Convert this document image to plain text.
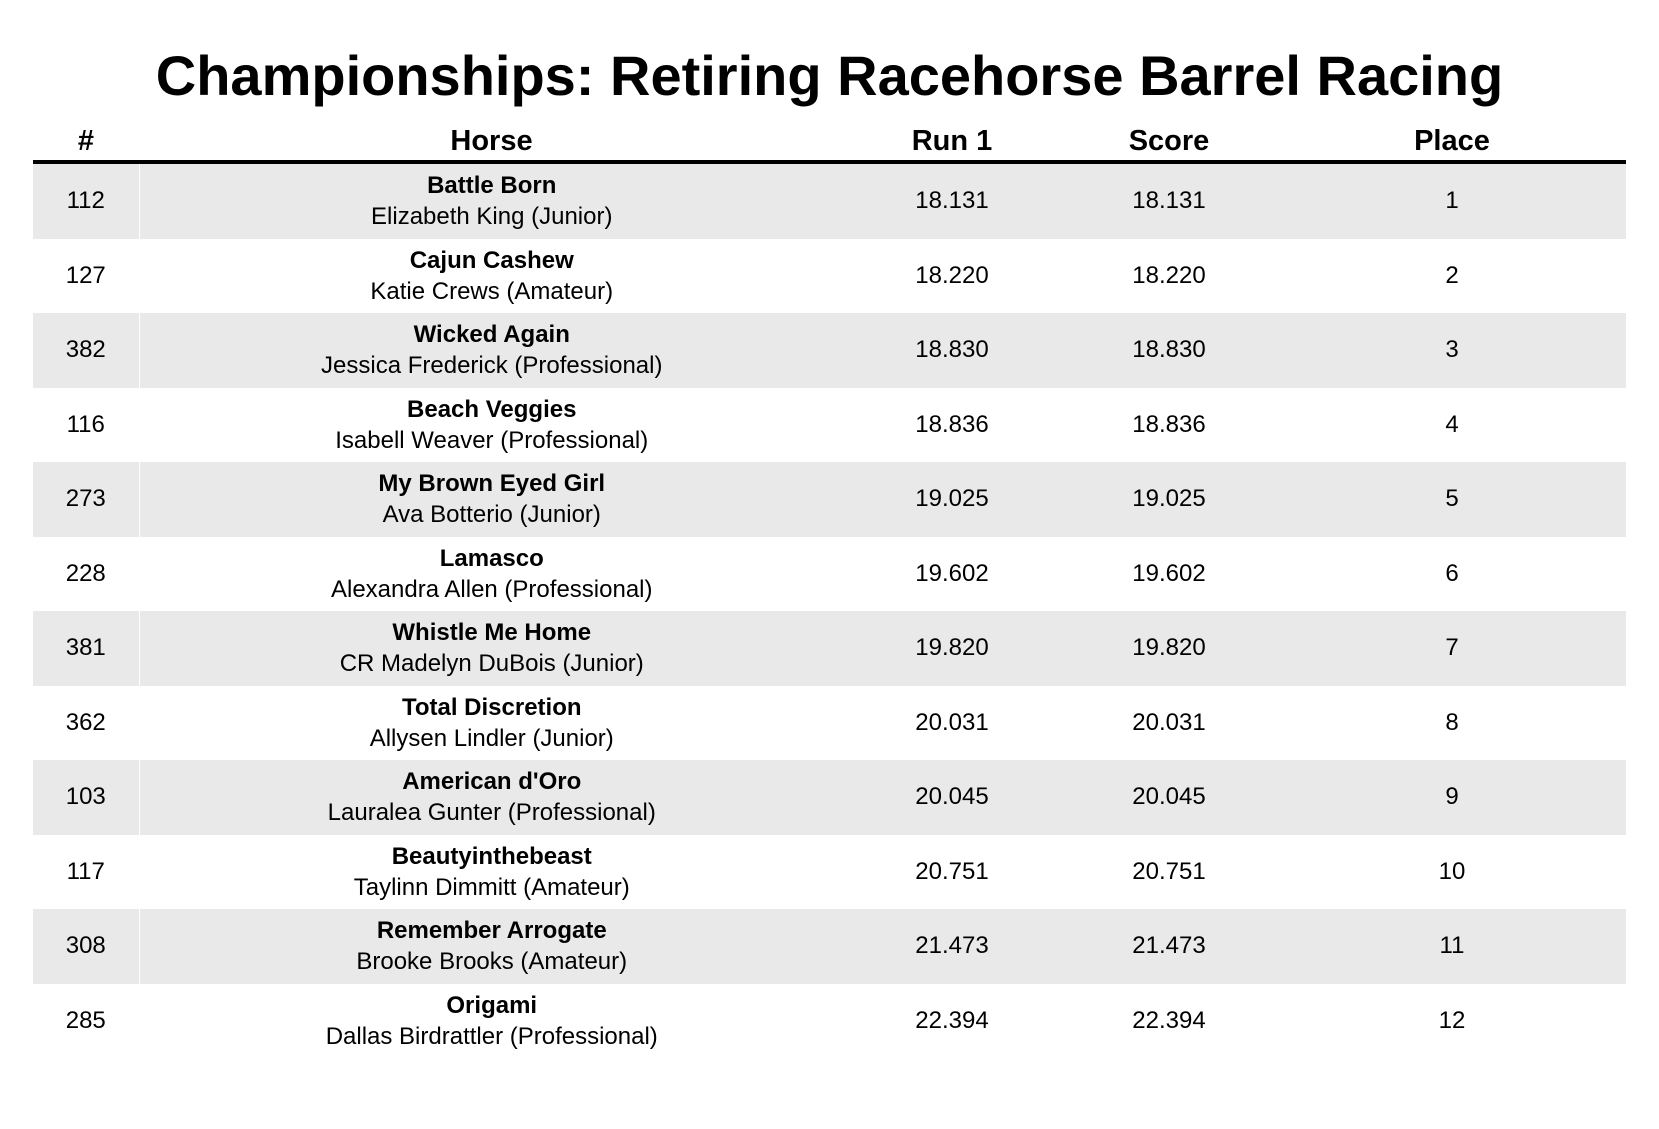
Championships: Retiring Racehorse Barrel Racing
#	Horse	Run 1	Score	Place
112	Battle Born
Elizabeth King (Junior)	18.131	18.131	1
127	Cajun Cashew
Katie Crews (Amateur)	18.220	18.220	2
382	Wicked Again
Jessica Frederick (Professional)	18.830	18.830	3
116	Beach Veggies
Isabell Weaver (Professional)	18.836	18.836	4
273	My Brown Eyed Girl
Ava Botterio (Junior)	19.025	19.025	5
228	Lamasco
Alexandra Allen (Professional)	19.602	19.602	6
381	Whistle Me Home
CR Madelyn DuBois (Junior)	19.820	19.820	7
362	Total Discretion
Allysen Lindler (Junior)	20.031	20.031	8
103	American d'Oro
Lauralea Gunter (Professional)	20.045	20.045	9
117	Beautyinthebeast
Taylinn Dimmitt (Amateur)	20.751	20.751	10
308	Remember Arrogate
Brooke Brooks (Amateur)	21.473	21.473	11
285	Origami
Dallas Birdrattler (Professional)	22.394	22.394	12
